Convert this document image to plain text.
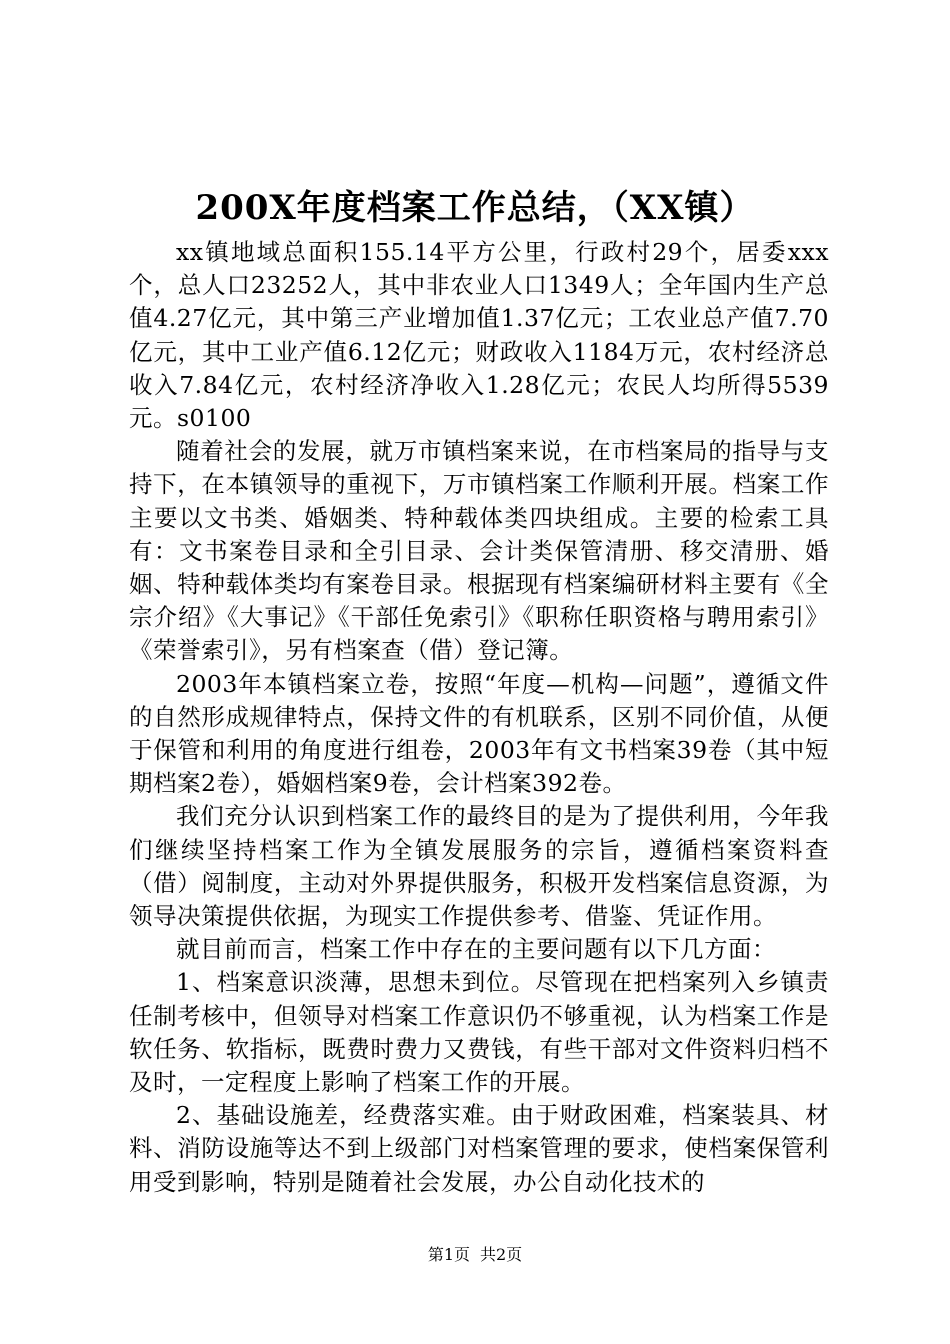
200X年度档案工作总结，（XX镇）

xx镇地域总面积155.14平方公里，行政村29个，居委xxx个，总人口23252人，其中非农业人口1349人；全年国内生产总值4.27亿元，其中第三产业增加值1.37亿元；工农业总产值7.70亿元，其中工业产值6.12亿元；财政收入1184万元，农村经济总收入7.84亿元，农村经济净收入1.28亿元；农民人均所得5539元。s0100

随着社会的发展，就万市镇档案来说，在市档案局的指导与支持下，在本镇领导的重视下，万市镇档案工作顺利开展。档案工作主要以文书类、婚姻类、特种载体类四块组成。主要的检索工具有：文书案卷目录和全引目录、会计类保管清册、移交清册、婚姻、特种载体类均有案卷目录。根据现有档案编研材料主要有《全宗介绍》《大事记》《干部任免索引》《职称任职资格与聘用索引》《荣誉索引》，另有档案查（借）登记簿。

2003年本镇档案立卷，按照“年度—机构—问题”，遵循文件的自然形成规律特点，保持文件的有机联系，区别不同价值，从便于保管和利用的角度进行组卷，2003年有文书档案39卷（其中短期档案2卷），婚姻档案9卷，会计档案392卷。

我们充分认识到档案工作的最终目的是为了提供利用，今年我们继续坚持档案工作为全镇发展服务的宗旨，遵循档案资料查（借）阅制度，主动对外界提供服务，积极开发档案信息资源，为领导决策提供依据，为现实工作提供参考、借鉴、凭证作用。

就目前而言，档案工作中存在的主要问题有以下几方面：

1、档案意识淡薄，思想未到位。尽管现在把档案列入乡镇责任制考核中，但领导对档案工作意识仍不够重视，认为档案工作是软任务、软指标，既费时费力又费钱，有些干部对文件资料归档不及时，一定程度上影响了档案工作的开展。

2、基础设施差，经费落实难。由于财政困难，档案装具、材料、消防设施等达不到上级部门对档案管理的要求，使档案保管利用受到影响，特别是随着社会发展，办公自动化技术的

第1页 共2页
